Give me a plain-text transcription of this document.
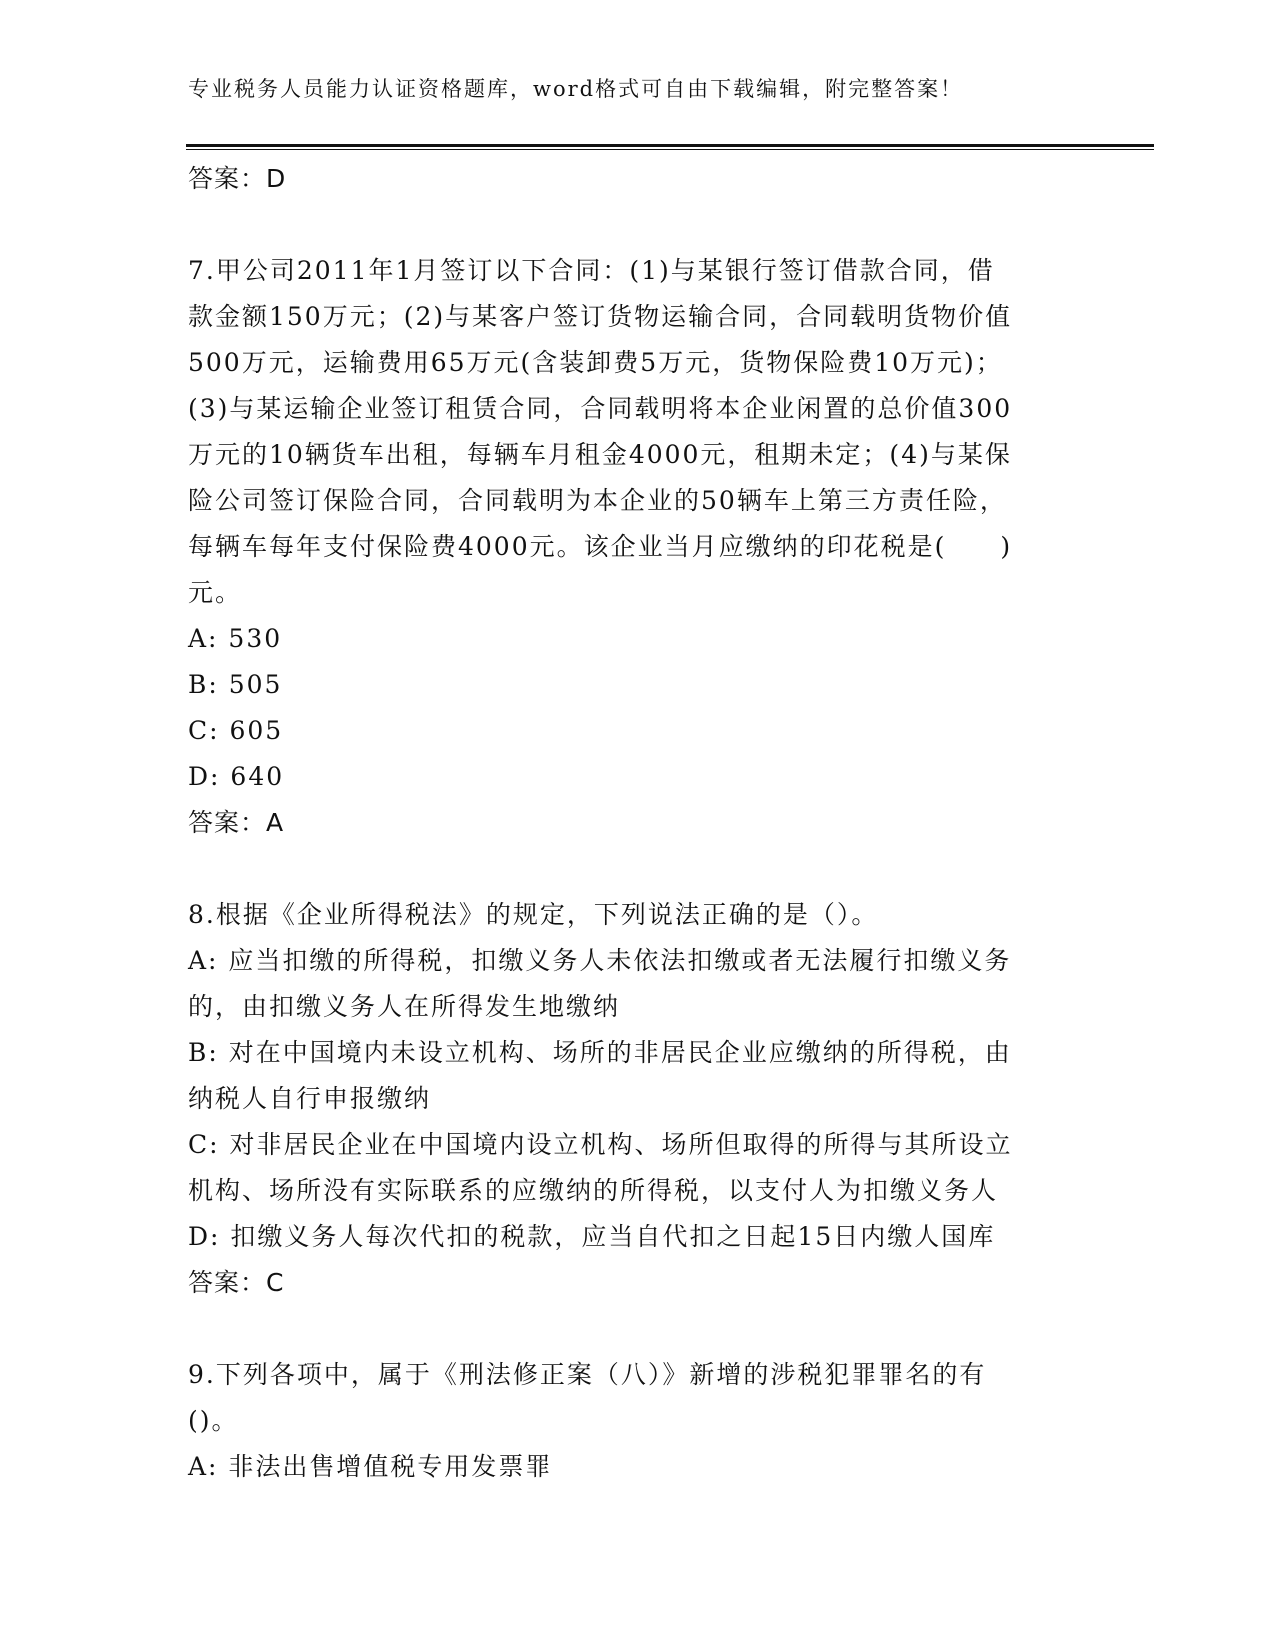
专业税务人员能力认证资格题库，word格式可自由下载编辑，附完整答案！
答案：D
7.甲公司2011年1月签订以下合同：(1)与某银行签订借款合同，借
款金额150万元；(2)与某客户签订货物运输合同，合同载明货物价值
500万元，运输费用65万元(含装卸费5万元，货物保险费10万元)；
(3)与某运输企业签订租赁合同，合同载明将本企业闲置的总价值300
万元的10辆货车出租，每辆车月租金4000元，租期未定；(4)与某保
险公司签订保险合同，合同载明为本企业的50辆车上第三方责任险，
每辆车每年支付保险费4000元。该企业当月应缴纳的印花税是(　　)
元。
A: 530
B: 505
C: 605
D: 640
答案：A
8.根据《企业所得税法》的规定，下列说法正确的是（）。
A: 应当扣缴的所得税，扣缴义务人未依法扣缴或者无法履行扣缴义务
的，由扣缴义务人在所得发生地缴纳
B: 对在中国境内未设立机构、场所的非居民企业应缴纳的所得税，由
纳税人自行申报缴纳
C: 对非居民企业在中国境内设立机构、场所但取得的所得与其所设立
机构、场所没有实际联系的应缴纳的所得税，以支付人为扣缴义务人
D: 扣缴义务人每次代扣的税款，应当自代扣之日起15日内缴人国库
答案：C
9.下列各项中，属于《刑法修正案（八）》新增的涉税犯罪罪名的有
()。
A: 非法出售增值税专用发票罪
